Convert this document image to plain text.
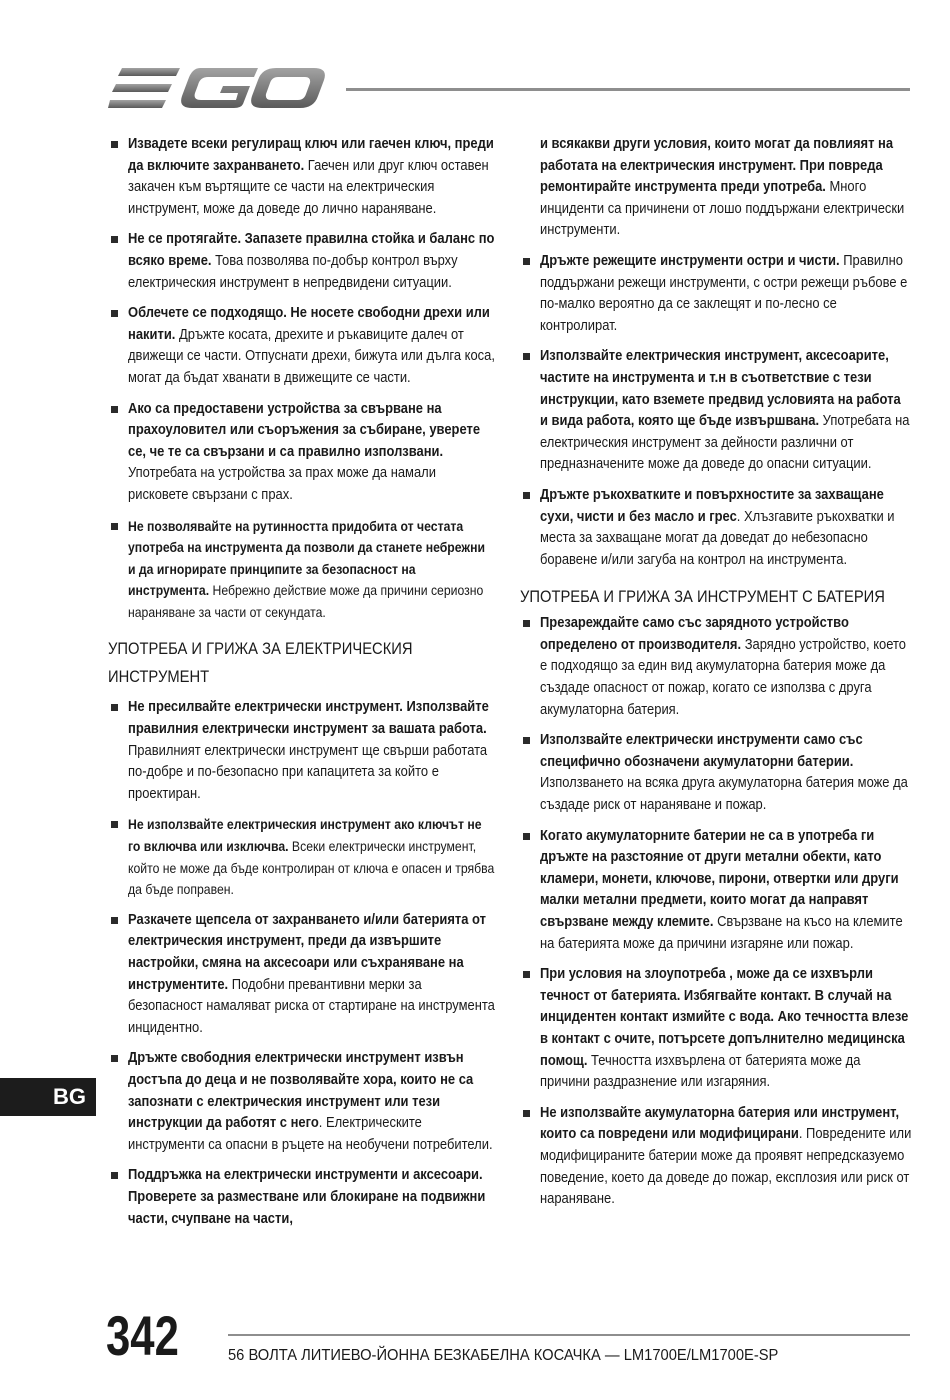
Извадете всеки регулиращ ключ или гаечен ключ, преди да включите захранването. Гаечен или друг ключ оставен закачен към въртящите се части на електрическия инструмент, може да доведе до лично нараняване.
Не се протягайте. Запазете правилна стойка и баланс по всяко време. Това позволява по-добър контрол върху електрическия инструмент в непредвидени ситуации.
Облечете се подходящо. Не носете свободни дрехи или накити. Дръжте косата, дрехите и ръкавиците далеч от движещи се части. Отпуснати дрехи, бижута или дълга коса, могат да бъдат хванати в движещите се части.
Ако са предоставени устройства за свърване на прахоуловител или съоръжения за събиране, уверете се, че те са свързани и са правилно използвани. Употребата на устройства за прах може да намали рисковете свързани с прах.
Не позволявайте на рутинността придобита от честата употреба на инструмента да позволи да станете небрежни и да игнорирате принципите за безопасност на инструмента. Небрежно действие може да причини сериозно нараняване за части от секундата.
УПОТРЕБА И ГРИЖА ЗА ЕЛЕКТРИЧЕСКИЯ ИНСТРУМЕНТ
Не пресилвайте електрически инструмент. Използвайте правилния електрически инструмент за вашата работа. Правилният електрически инструмент ще свърши работата по-добре и по-безопасно при капацитета за който е проектиран.
Не използвайте електрическия инструмент ако ключът не го включва или изключва. Всеки електрически инструмент, който не може да бъде контролиран от ключа е опасен и трябва да бъде поправен.
Разкачете щепсела от захранването и/или батерията от електрическия инструмент, преди да извършите настройки, смяна на аксесоари или съхраняване на инструментите. Подобни превантивни мерки за безопасност намаляват риска от стартиране на инструмента инцидентно.
Дръжте свободния електрически инструмент извън достъпа до деца и не позволявайте хора, които не са запознати с електрическия инструмент или тези инструкции да работят с него. Електрическите инструменти са опасни в ръцете на необучени потребители.
Поддръжка на електрически инструменти и аксесоари. Проверете за разместване или блокиране на подвижни части, счупване на части,
и всякакви други условия, които могат да повлияят на работата на електрическия инструмент. При повреда ремонтирайте инструмента преди употреба. Много инциденти са причинени от лошо поддържани електрически инструменти.
Дръжте режещите инструменти остри и чисти. Правилно поддържани режещи инструменти, с остри режещи ръбове е по-малко вероятно да се заклещят и по-лесно се контролират.
Използвайте електрическия инструмент, аксесоарите, частите на инструмента и т.н в съответствие с тези инструкции, като вземете предвид условията на работа и вида работа, която ще бъде извършвана. Употребата на електрическия инструмент за дейности различни от предназначените може да доведе до опасни ситуации.
Дръжте ръкохватките и повърхностите за захващане сухи, чисти и без масло и грес. Хлъзгавите ръкохватки и места за захващане могат да доведат до небезопасно боравене и/или загуба на контрол на инструмента.
УПОТРЕБА И ГРИЖА ЗА ИНСТРУМЕНТ С БАТЕРИЯ
Презареждайте само със зарядното устройство определено от производителя. Зарядно устройство, което е подходящо за един вид акумулаторна батерия може да създаде опасност от пожар, когато се използва с друга акумулаторна батерия.
Използвайте електрически инструменти само със специфично обозначени акумулаторни батерии. Използването на всяка друга акумулаторна батерия може да създаде риск от нараняване и пожар.
Когато акумулаторните батерии не са в употреба ги дръжте на разстояние от други метални обекти, като кламери, монети, ключове, пирони, отвертки или други малки метални предмети, които могат да направят свързване между клемите. Свързване на късо на клемите на батерията може да причини изгаряне или пожар.
При условия на злоупотреба , може да се изхвърли течност от батерията. Избягвайте контакт. В случай на инцидентен контакт измийте с вода. Ако течността влезе в контакт с очите, потърсете допълнително медицинска помощ. Течността изхвърлена от батерията може да причини раздразнение или изгаряния.
Не използвайте акумулаторна батерия или инструмент, които са повредени или модифицирани. Повредените или модифицираните батерии може да проявят непредсказуемо поведение, което да доведе до пожар, експлозия или риск от нараняване.
BG
342	56 ВОЛТА ЛИТИЕВО-ЙОННА БЕЗКАБЕЛНА КОСАЧКА — LM1700E/LM1700E-SP
